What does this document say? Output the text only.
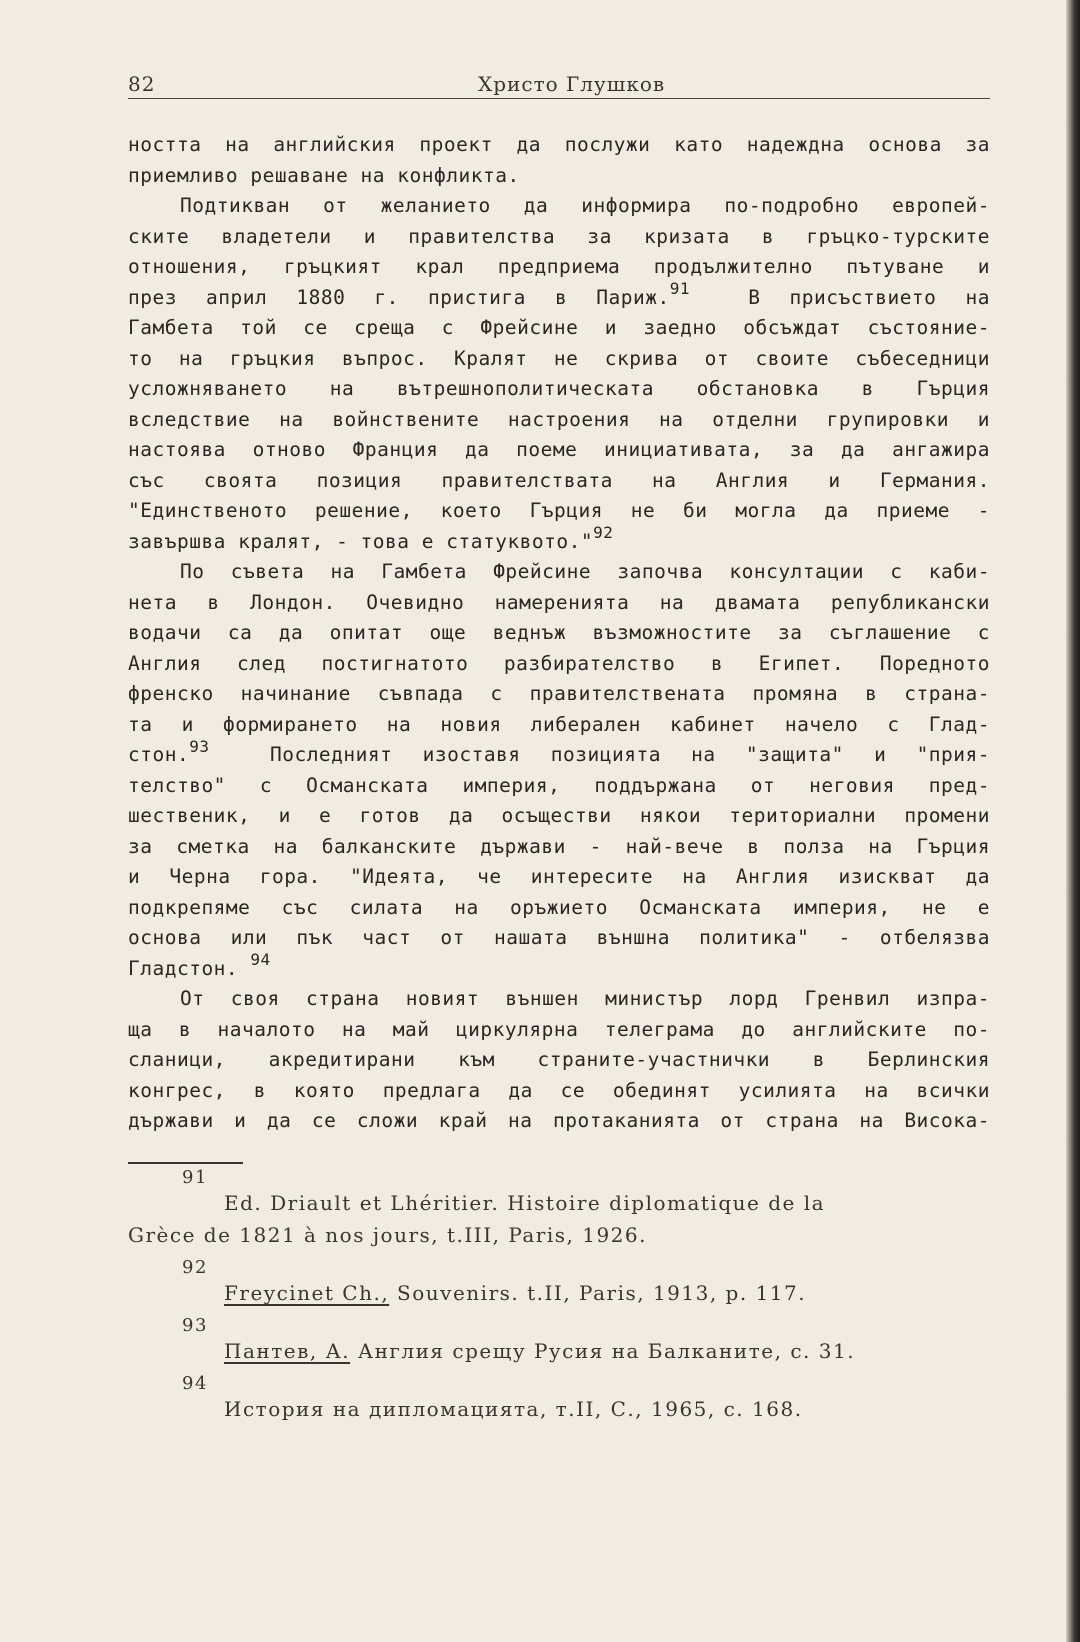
82	Христо Глушков

ността на английския проект да послужи като надеждна основа за
приемливо решаване на конфликта.

Подтикван от желанието да информира по-подробно европей-
ските владетели и правителства за кризата в гръцко-турските
отношения, гръцкият крал предприема продължително пътуване и
през април 1880 г. пристига в Париж.$^{91}$	В присъствието на
Гамбета той се среща с Фрейсине и заедно обсъждат състояние-
то на гръцкия въпрос. Кралят не скрива от своите събеседници
усложняването на вътрешнополитическата обстановка в Гърция
вследствие на войнствените настроения на отделни групировки и
настоява отново Франция да поеме инициативата, за да ангажира
със своята позиция правителствата на Англия и Германия.
"Единственото решение, което Гърция не би могла да приеме -
завършва кралят, - това е статуквото."$^{92}$

По съвета на Гамбета Фрейсине започва консултации с каби-
нета в Лондон. Очевидно намеренията на двамата републикански
водачи са да опитат още веднъж възможностите за съглашение с
Англия след постигнатото разбирателство в Египет. Поредното
френско начинание съвпада с правителствената промяна в страна-
та и формирането на новия либерален кабинет начело с Глад-
стон.$^{93}$	Последният изоставя позицията на "защита" и "прия-
телство" с Османската империя, поддържана от неговия пред-
шественик, и е готов да осъществи някои териториални промени
за сметка на балканските държави - най-вече в полза на Гърция
и Черна гора. "Идеята, че интересите на Англия изискват да
подкрепяме със силата на оръжието Османската империя, не е
основа или пък част от нашата външна политика" - отбелязва
Гладстон. $^{94}$

От своя страна новият външен министър лорд Гренвил изпра-
ща в началото на май циркулярна телеграма до английските по-
сланици, акредитирани към страните-участнички в Берлинския
конгрес, в която предлага да се обединят усилията на всички
държави и да се сложи край на протаканията от страна на Висока-

91
Ed. Driault et Lhéritier. Histoire diplomatique de la
Grèce de 1821 à nos jours, t.III, Paris, 1926.
92
Freycinet Ch., Souvenirs. t.II, Paris, 1913, p. 117.
93
Пантев, А. Англия срещу Русия на Балканите, с. 31.
94
История на дипломацията, т.II, С., 1965, с. 168.
